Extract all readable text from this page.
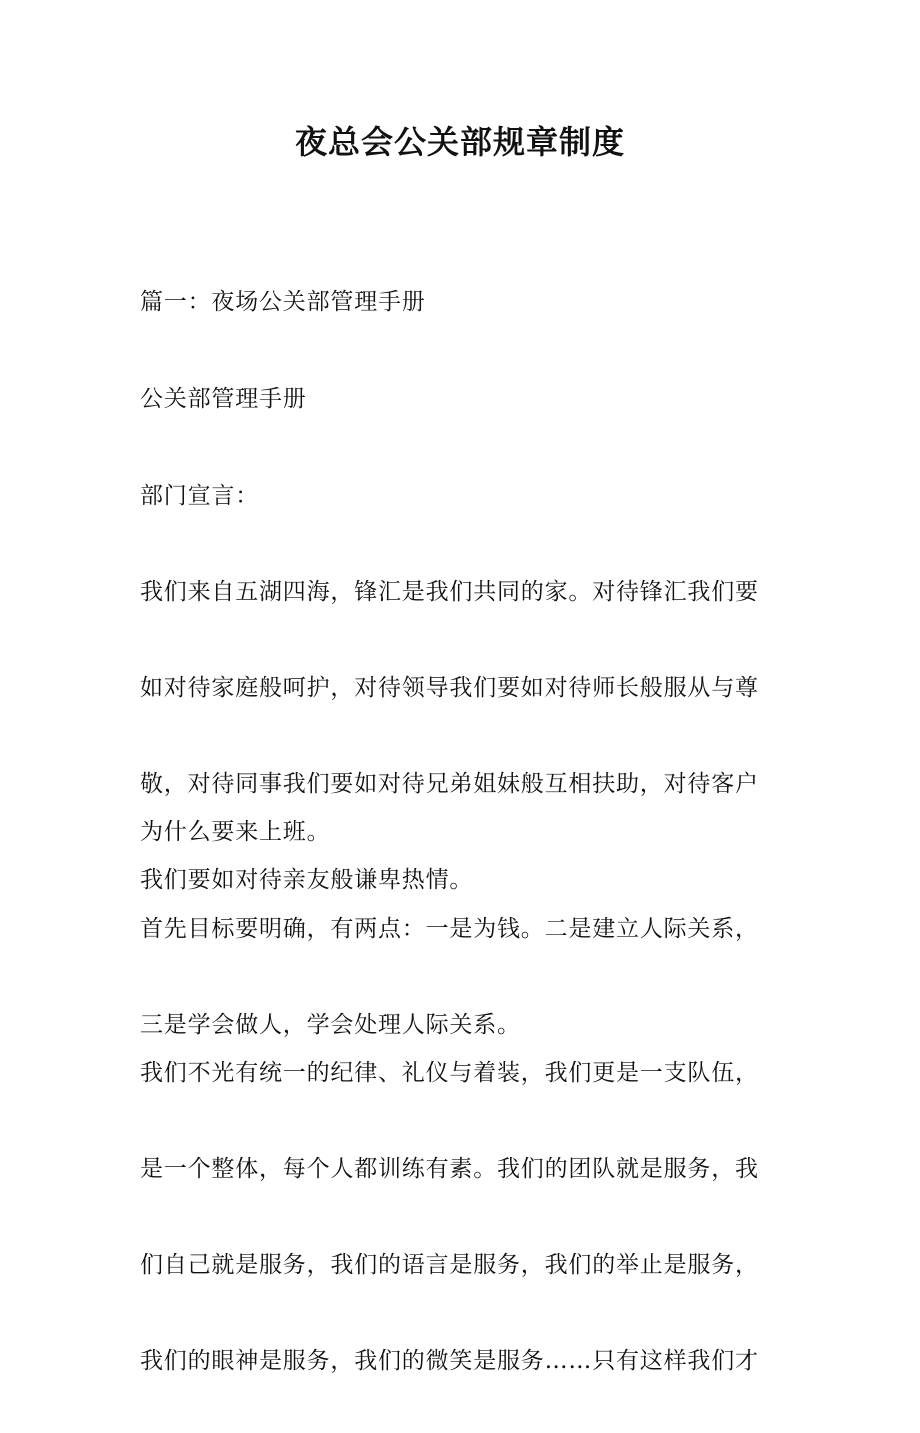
夜总会公关部规章制度

篇一：夜场公关部管理手册

公关部管理手册

部门宣言：

我们来自五湖四海，锋汇是我们共同的家。对待锋汇我们要

如对待家庭般呵护，对待领导我们要如对待师长般服从与尊

敬，对待同事我们要如对待兄弟姐妹般互相扶助，对待客户

我们要如对待亲友般谦卑热情。

为什么要来上班。

首先目标要明确，有两点：一是为钱。二是建立人际关系，

三是学会做人，学会处理人际关系。

我们不光有统一的纪律、礼仪与着装，我们更是一支队伍，

是一个整体，每个人都训练有素。我们的团队就是服务，我

们自己就是服务，我们的语言是服务，我们的举止是服务，

我们的眼神是服务，我们的微笑是服务……只有这样我们才
